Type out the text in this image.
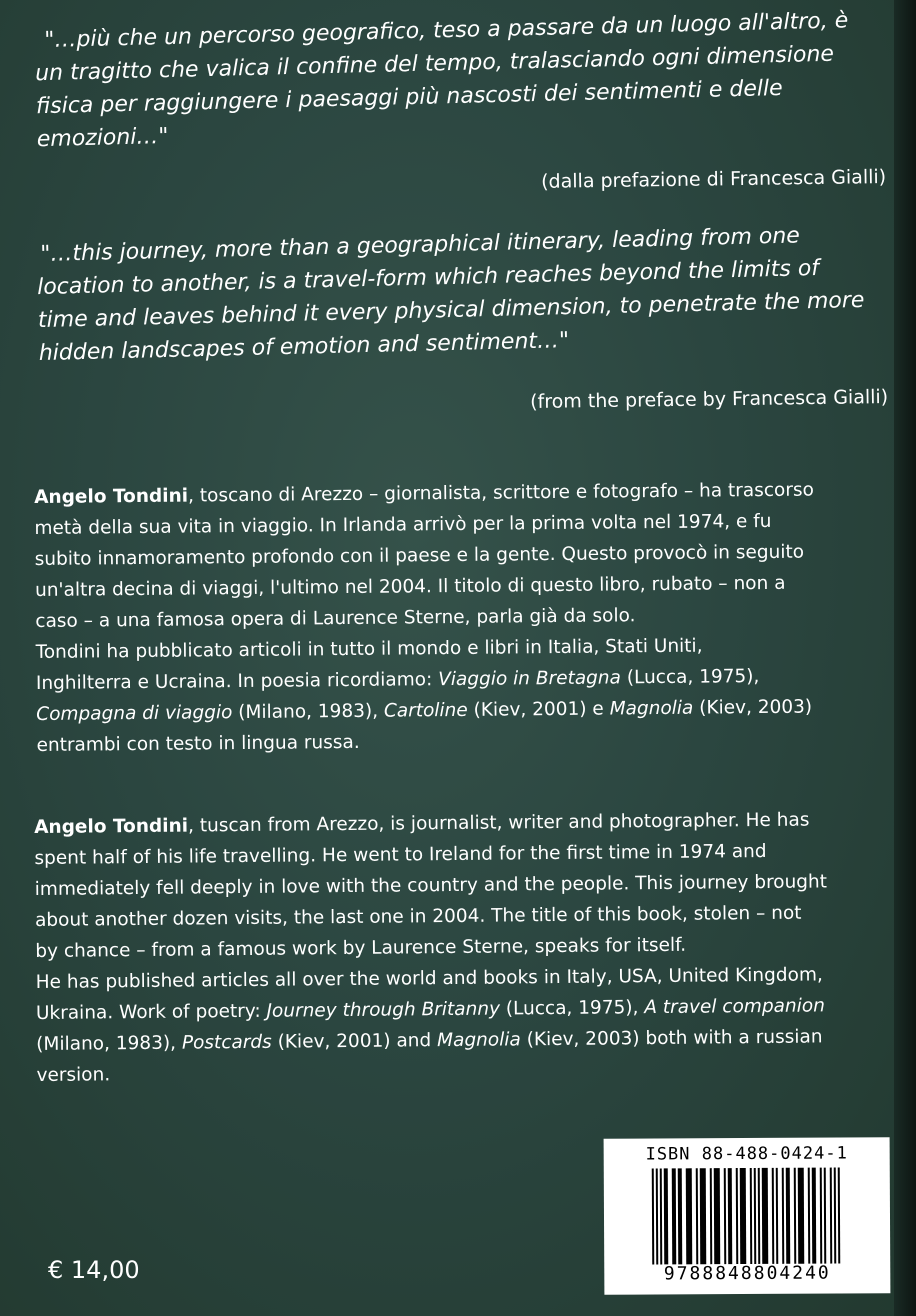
"…più che un percorso geografico, teso a passare da un luogo all'altro, è
un tragitto che valica il confine del tempo, tralasciando ogni dimensione
fisica per raggiungere i paesaggi più nascosti dei sentimenti e delle
emozioni…"
(dalla prefazione di Francesca Gialli)
"…this journey, more than a geographical itinerary, leading from one
location to another, is a travel-form which reaches beyond the limits of
time and leaves behind it every physical dimension, to penetrate the more
hidden landscapes of emotion and sentiment…"
(from the preface by Francesca Gialli)
Angelo Tondini, toscano di Arezzo – giornalista, scrittore e fotografo – ha trascorso
metà della sua vita in viaggio. In Irlanda arrivò per la prima volta nel 1974, e fu
subito innamoramento profondo con il paese e la gente. Questo provocò in seguito
un'altra decina di viaggi, l'ultimo nel 2004. Il titolo di questo libro, rubato – non a
caso – a una famosa opera di Laurence Sterne, parla già da solo.
Tondini ha pubblicato articoli in tutto il mondo e libri in Italia, Stati Uniti,
Inghilterra e Ucraina. In poesia ricordiamo: Viaggio in Bretagna (Lucca, 1975),
Compagna di viaggio (Milano, 1983), Cartoline (Kiev, 2001) e Magnolia (Kiev, 2003)
entrambi con testo in lingua russa.
Angelo Tondini, tuscan from Arezzo, is journalist, writer and photographer. He has
spent half of his life travelling. He went to Ireland for the first time in 1974 and
immediately fell deeply in love with the country and the people. This journey brought
about another dozen visits, the last one in 2004. The title of this book, stolen – not
by chance – from a famous work by Laurence Sterne, speaks for itself.
He has published articles all over the world and books in Italy, USA, United Kingdom,
Ukraina. Work of poetry: Journey through Britanny (Lucca, 1975), A travel companion
(Milano, 1983), Postcards (Kiev, 2001) and Magnolia (Kiev, 2003) both with a russian
version.
€ 14,00
ISBN 88-488-0424-1
9788848804240
